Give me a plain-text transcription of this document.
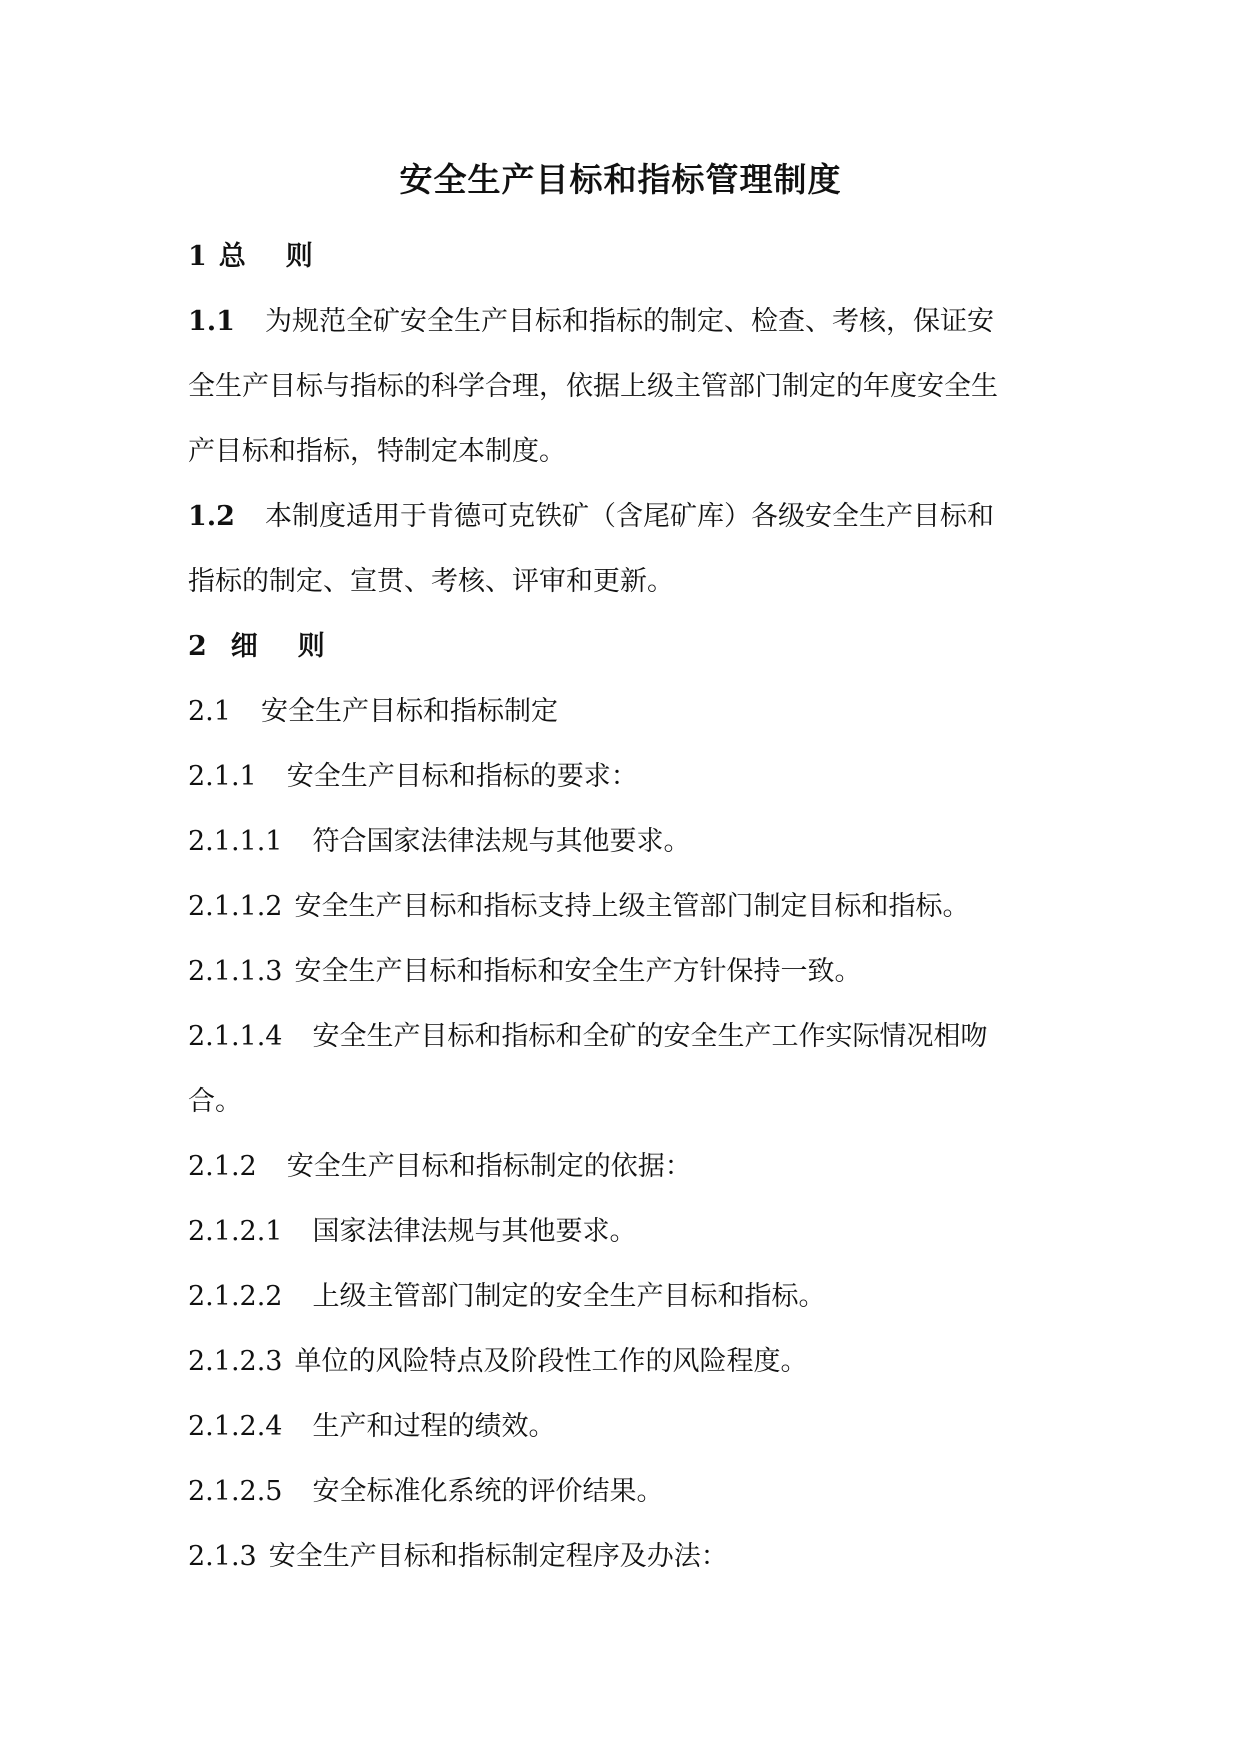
安全生产目标和指标管理制度
1 总 则
1.1 为规范全矿安全生产目标和指标的制定、检查、考核，保证安
全生产目标与指标的科学合理，依据上级主管部门制定的年度安全生
产目标和指标，特制定本制度。
1.2 本制度适用于肯德可克铁矿（含尾矿库）各级安全生产目标和
指标的制定、宣贯、考核、评审和更新。
2 细 则
2.1 安全生产目标和指标制定
2.1.1 安全生产目标和指标的要求：
2.1.1.1 符合国家法律法规与其他要求。
2.1.1.2 安全生产目标和指标支持上级主管部门制定目标和指标。
2.1.1.3 安全生产目标和指标和安全生产方针保持一致。
2.1.1.4 安全生产目标和指标和全矿的安全生产工作实际情况相吻
合。
2.1.2 安全生产目标和指标制定的依据：
2.1.2.1 国家法律法规与其他要求。
2.1.2.2 上级主管部门制定的安全生产目标和指标。
2.1.2.3 单位的风险特点及阶段性工作的风险程度。
2.1.2.4 生产和过程的绩效。
2.1.2.5 安全标准化系统的评价结果。
2.1.3 安全生产目标和指标制定程序及办法：
